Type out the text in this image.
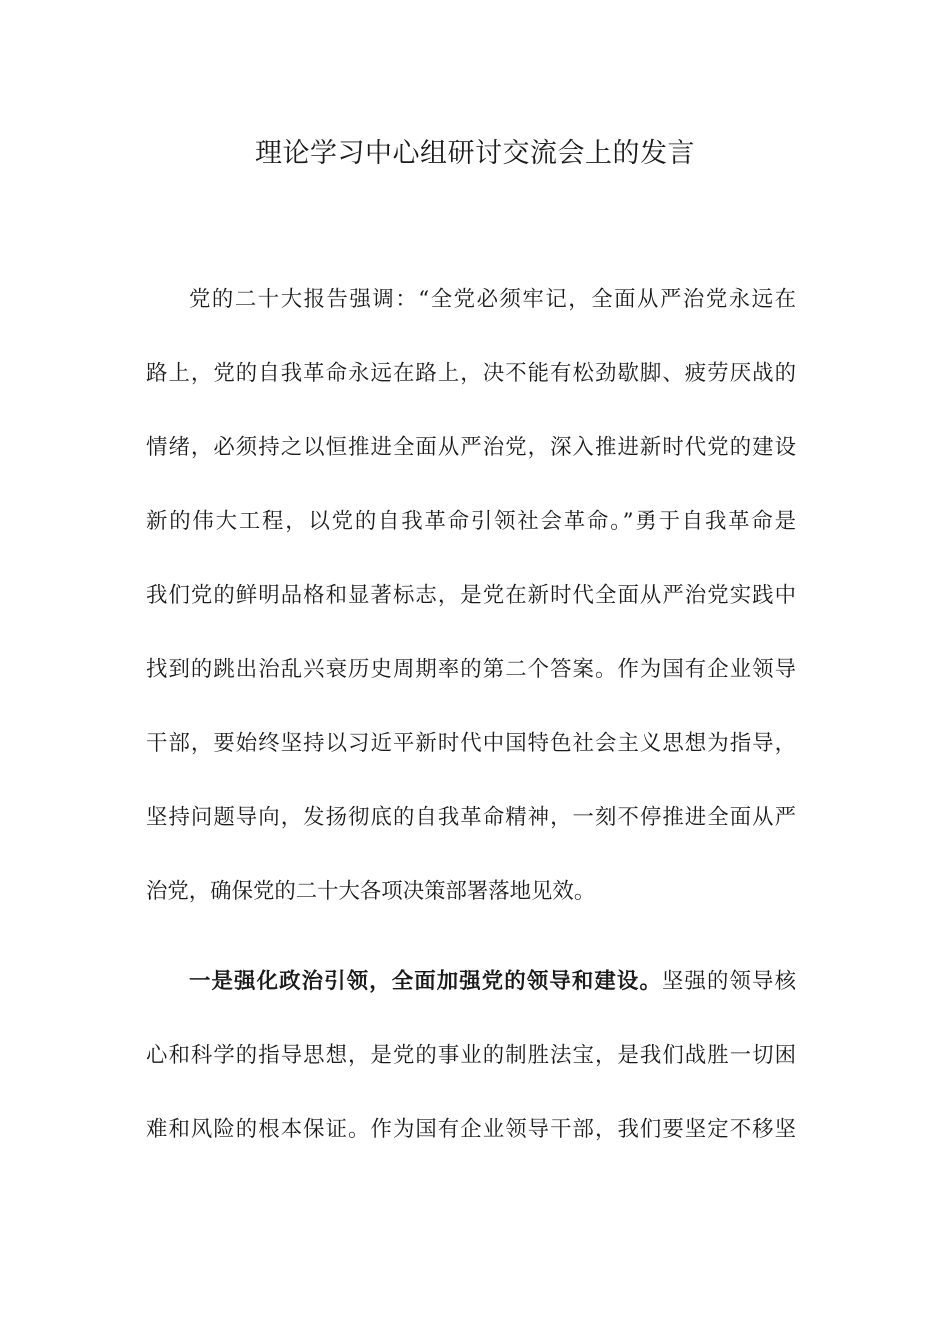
理论学习中心组研讨交流会上的发言
党的二十大报告强调：“全党必须牢记，全面从严治党永远在
路上，党的自我革命永远在路上，决不能有松劲歇脚、疲劳厌战的
情绪，必须持之以恒推进全面从严治党，深入推进新时代党的建设
新的伟大工程，以党的自我革命引领社会革命。”勇于自我革命是
我们党的鲜明品格和显著标志，是党在新时代全面从严治党实践中
找到的跳出治乱兴衰历史周期率的第二个答案。作为国有企业领导
干部，要始终坚持以习近平新时代中国特色社会主义思想为指导，
坚持问题导向，发扬彻底的自我革命精神，一刻不停推进全面从严
治党，确保党的二十大各项决策部署落地见效。
一是强化政治引领，全面加强党的领导和建设。坚强的领导核
心和科学的指导思想，是党的事业的制胜法宝，是我们战胜一切困
难和风险的根本保证。作为国有企业领导干部，我们要坚定不移坚
